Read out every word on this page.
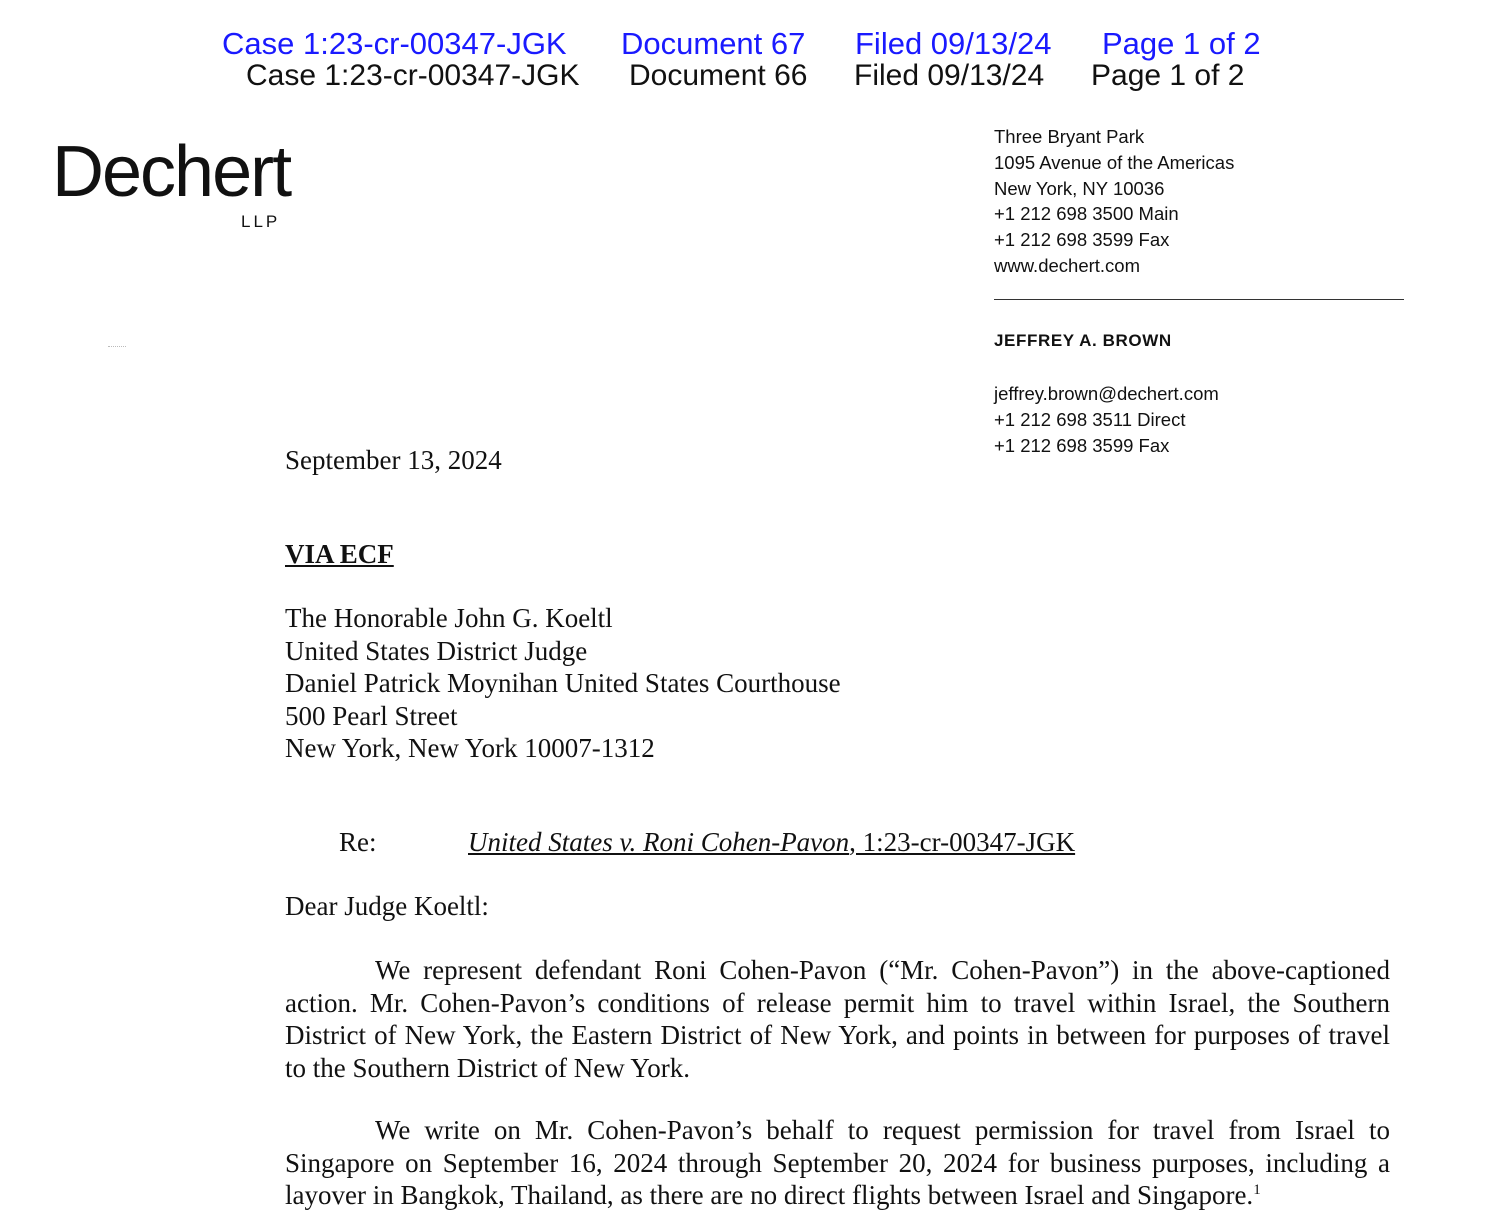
Case 1:23-cr-00347-JGK Document 67 Filed 09/13/24 Page 1 of 2
Case 1:23-cr-00347-JGK Document 66 Filed 09/13/24 Page 1 of 2
Dechert
LLP
Three Bryant Park
1095 Avenue of the Americas
New York, NY 10036
+1 212 698 3500 Main
+1 212 698 3599 Fax
www.dechert.com
JEFFREY A. BROWN
jeffrey.brown@dechert.com
+1 212 698 3511 Direct
+1 212 698 3599 Fax
September 13, 2024
VIA ECF
The Honorable John G. Koeltl
United States District Judge
Daniel Patrick Moynihan United States Courthouse
500 Pearl Street
New York, New York 10007-1312
Re:	United States v. Roni Cohen-Pavon, 1:23-cr-00347-JGK
Dear Judge Koeltl:
We represent defendant Roni Cohen-Pavon (“Mr. Cohen-Pavon”) in the above-captioned action. Mr. Cohen-Pavon’s conditions of release permit him to travel within Israel, the Southern District of New York, the Eastern District of New York, and points in between for purposes of travel to the Southern District of New York.
We write on Mr. Cohen-Pavon’s behalf to request permission for travel from Israel to Singapore on September 16, 2024 through September 20, 2024 for business purposes, including a layover in Bangkok, Thailand, as there are no direct flights between Israel and Singapore.$^1$
